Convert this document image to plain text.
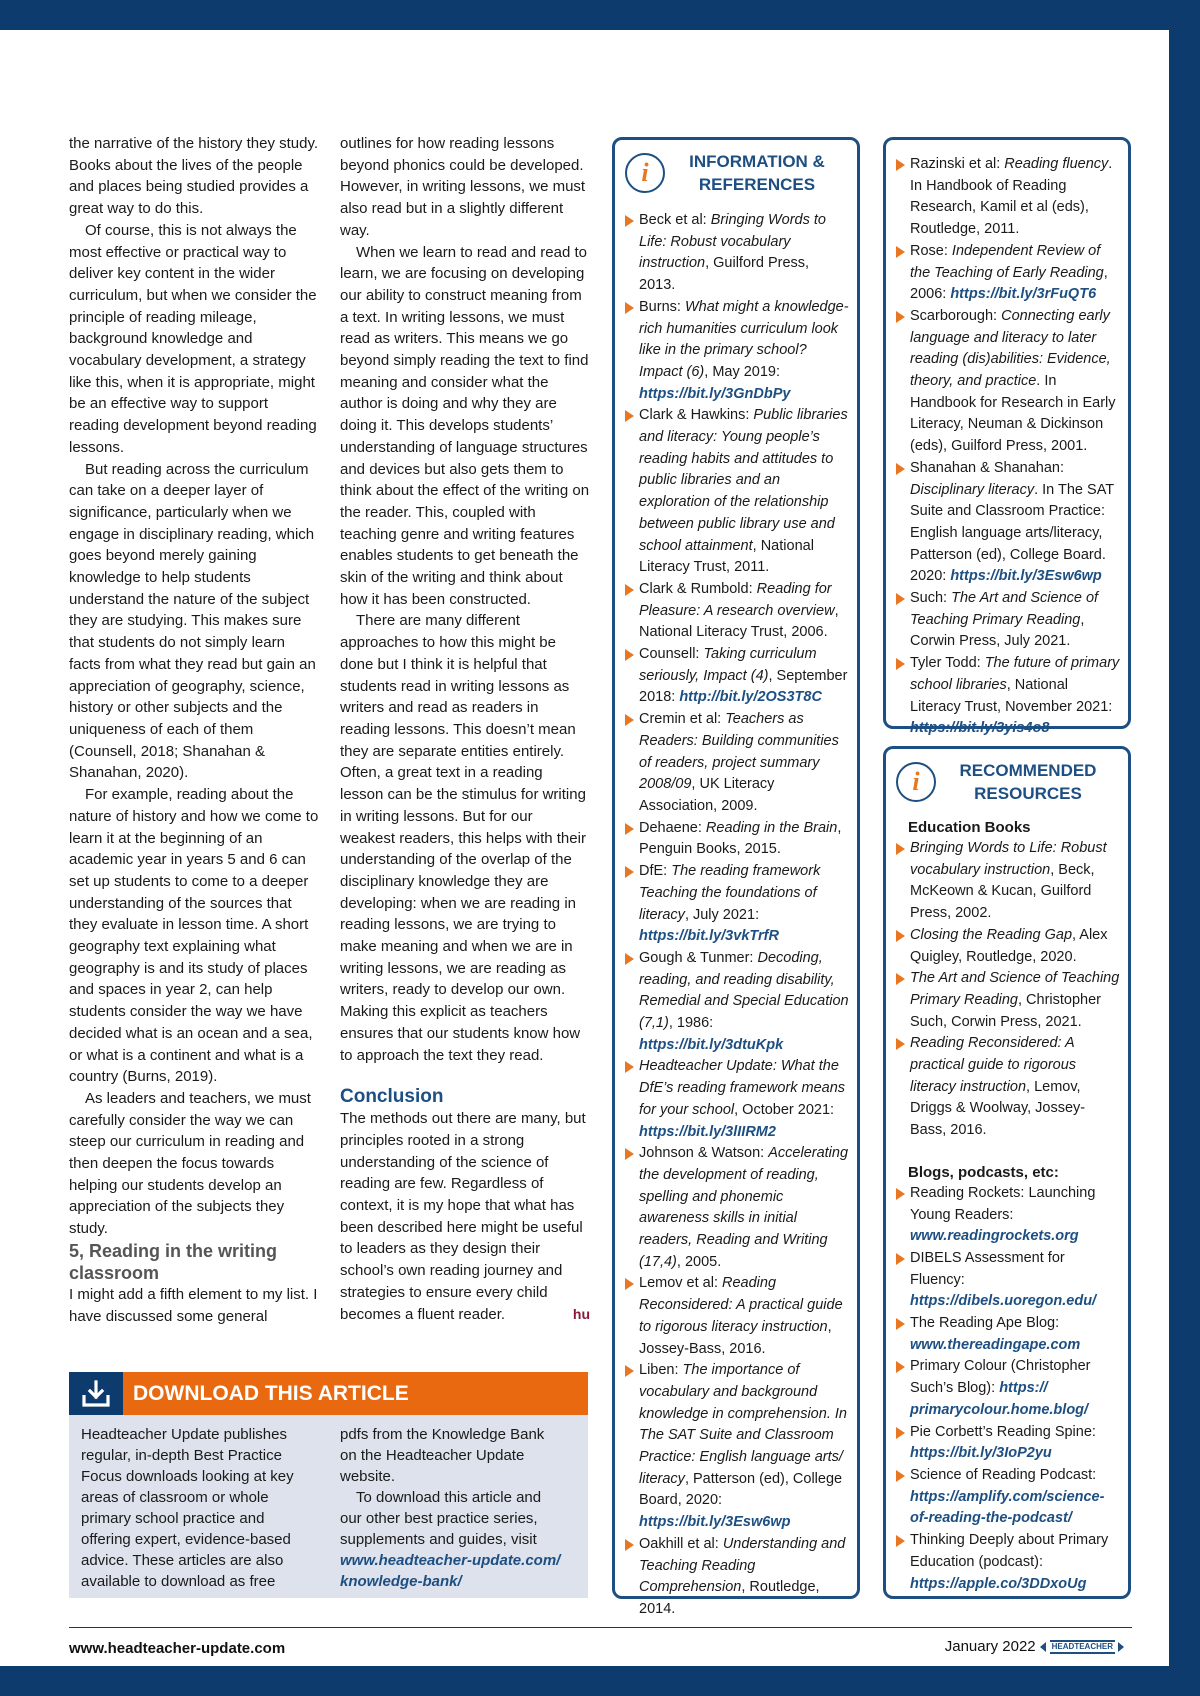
the narrative of the history they study. Books about the lives of the people and places being studied provides a great way to do this.

Of course, this is not always the most effective or practical way to deliver key content in the wider curriculum, but when we consider the principle of reading mileage, background knowledge and vocabulary development, a strategy like this, when it is appropriate, might be an effective way to support reading development beyond reading lessons.

But reading across the curriculum can take on a deeper layer of significance, particularly when we engage in disciplinary reading, which goes beyond merely gaining knowledge to help students understand the nature of the subject they are studying. This makes sure that students do not simply learn facts from what they read but gain an appreciation of geography, science, history or other subjects and the uniqueness of each of them (Counsell, 2018; Shanahan & Shanahan, 2020).

For example, reading about the nature of history and how we come to learn it at the beginning of an academic year in years 5 and 6 can set up students to come to a deeper understanding of the sources that they evaluate in lesson time. A short geography text explaining what geography is and its study of places and spaces in year 2, can help students consider the way we have decided what is an ocean and a sea, or what is a continent and what is a country (Burns, 2019).

As leaders and teachers, we must carefully consider the way we can steep our curriculum in reading and then deepen the focus towards helping our students develop an appreciation of the subjects they study.

5, Reading in the writing classroom

I might add a fifth element to my list. I have discussed some general

outlines for how reading lessons beyond phonics could be developed. However, in writing lessons, we must also read but in a slightly different way.

When we learn to read and read to learn, we are focusing on developing our ability to construct meaning from a text. In writing lessons, we must read as writers. This means we go beyond simply reading the text to find meaning and consider what the author is doing and why they are doing it. This develops students’ understanding of language structures and devices but also gets them to think about the effect of the writing on the reader. This, coupled with teaching genre and writing features enables students to get beneath the skin of the writing and think about how it has been constructed.

There are many different approaches to how this might be done but I think it is helpful that students read in writing lessons as writers and read as readers in reading lessons. This doesn’t mean they are separate entities entirely. Often, a great text in a reading lesson can be the stimulus for writing in writing lessons. But for our weakest readers, this helps with their understanding of the overlap of the disciplinary knowledge they are developing: when we are reading in reading lessons, we are trying to make meaning and when we are in writing lessons, we are reading as writers, ready to develop our own. Making this explicit as teachers ensures that our students know how to approach the text they read.

Conclusion

The methods out there are many, but principles rooted in a strong understanding of the science of reading are few. Regardless of context, it is my hope that what has been described here might be useful to leaders as they design their school’s own reading journey and strategies to ensure every child becomes a fluent reader.	hu

DOWNLOAD THIS ARTICLE

Headteacher Update publishes regular, in-depth Best Practice Focus downloads looking at key areas of classroom or whole primary school practice and offering expert, evidence-based advice. These articles are also available to download as free

pdfs from the Knowledge Bank on the Headteacher Update website.

To download this article and our other best practice series, supplements and guides, visit

www.headteacher-update.com/ knowledge-bank/

i	INFORMATION & REFERENCES
Beck et al: Bringing Words to Life: Robust vocabulary instruction, Guilford Press, 2013.
Burns: What might a knowledge-rich humanities curriculum look like in the primary school? Impact (6), May 2019: https://bit.ly/3GnDbPy
Clark & Hawkins: Public libraries and literacy: Young people’s reading habits and attitudes to public libraries and an exploration of the relationship between public library use and school attainment, National Literacy Trust, 2011.
Clark & Rumbold: Reading for Pleasure: A research overview, National Literacy Trust, 2006.
Counsell: Taking curriculum seriously, Impact (4), September 2018: http://bit.ly/2OS3T8C
Cremin et al: Teachers as Readers: Building communities of readers, project summary 2008/09, UK Literacy Association, 2009.
Dehaene: Reading in the Brain, Penguin Books, 2015.
DfE: The reading framework Teaching the foundations of literacy, July 2021: https://bit.ly/3vkTrfR
Gough & Tunmer: Decoding, reading, and reading disability, Remedial and Special Education (7,1), 1986: https://bit.ly/3dtuKpk
Headteacher Update: What the DfE’s reading framework means for your school, October 2021: https://bit.ly/3lIIRM2
Johnson & Watson: Accelerating the development of reading, spelling and phonemic awareness skills in initial readers, Reading and Writing (17,4), 2005.
Lemov et al: Reading Reconsidered: A practical guide to rigorous literacy instruction, Jossey-Bass, 2016.
Liben: The importance of vocabulary and background knowledge in comprehension. In The SAT Suite and Classroom Practice: English language arts/ literacy, Patterson (ed), College Board, 2020: https://bit.ly/3Esw6wp
Oakhill et al: Understanding and Teaching Reading Comprehension, Routledge, 2014.
Razinski et al: Reading fluency. In Handbook of Reading Research, Kamil et al (eds), Routledge, 2011.
Rose: Independent Review of the Teaching of Early Reading, 2006: https://bit.ly/3rFuQT6
Scarborough: Connecting early language and literacy to later reading (dis)abilities: Evidence, theory, and practice. In Handbook for Research in Early Literacy, Neuman & Dickinson (eds), Guilford Press, 2001.
Shanahan & Shanahan: Disciplinary literacy. In The SAT Suite and Classroom Practice: English language arts/literacy, Patterson (ed), College Board. 2020: https://bit.ly/3Esw6wp
Such: The Art and Science of Teaching Primary Reading, Corwin Press, July 2021.
Tyler Todd: The future of primary school libraries, National Literacy Trust, November 2021: https://bit.ly/3yis4o8
i	RECOMMENDED RESOURCES
Education Books
Bringing Words to Life: Robust vocabulary instruction, Beck, McKeown & Kucan, Guilford Press, 2002.
Closing the Reading Gap, Alex Quigley, Routledge, 2020.
The Art and Science of Teaching Primary Reading, Christopher Such, Corwin Press, 2021.
Reading Reconsidered: A practical guide to rigorous literacy instruction, Lemov, Driggs & Woolway, Jossey-Bass, 2016.
Blogs, podcasts, etc:
Reading Rockets: Launching Young Readers: www.readingrockets.org
DIBELS Assessment for Fluency: https://dibels.uoregon.edu/
The Reading Ape Blog: www.thereadingape.com
Primary Colour (Christopher Such’s Blog): https:// primarycolour.home.blog/
Pie Corbett’s Reading Spine: https://bit.ly/3IoP2yu
Science of Reading Podcast: https://amplify.com/science-of-reading-the-podcast/
Thinking Deeply about Primary Education (podcast): https://apple.co/3DDxoUg
www.headteacher-update.com	January 2022 HEADTEACHER
